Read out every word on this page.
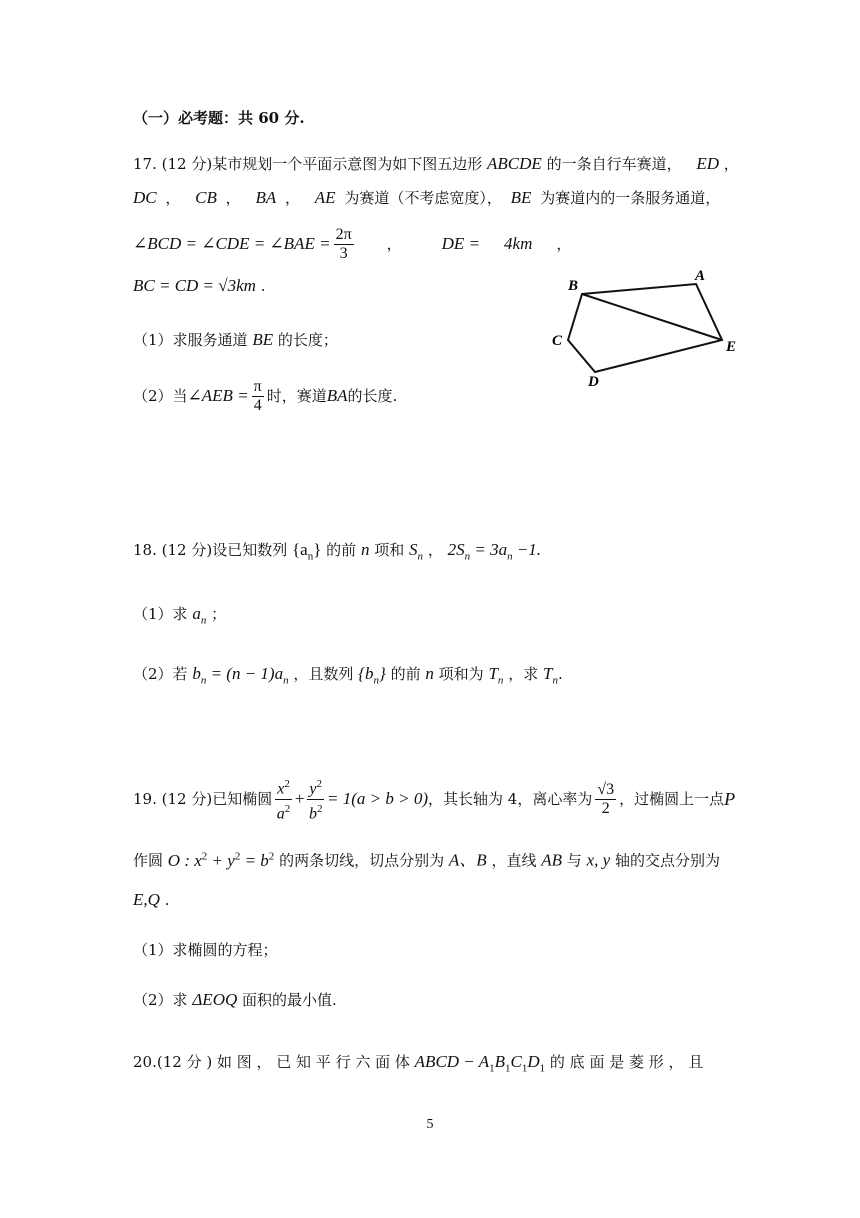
（一）必考题：共 60 分.
17. (12 分)某市规划一个平面示意图为如下图五边形 ABCDE 的一条自行车赛道， ED ，
DC ， CB ， BA ， AE 为赛道（不考虑宽度）， BE 为赛道内的一条服务通道，
∠BCD = ∠CDE = ∠BAE = $\frac{2\pi}{3}$ ， DE = 4km ，
BC = CD = √3km .
（1）求服务通道 BE 的长度；
（2）当 ∠AEB = $\frac{\pi}{4}$ 时，赛道 BA 的长度.
B
A
C	E
D
18. (12 分)设已知数列 $\{a_n\}$ 的前 n 项和 $S_n$ ， $2S_n = 3a_n -1$.
（1）求 $a_n$ ；
（2）若 $b_n = (n - 1)a_n$ ，且数列 $\{b_n\}$ 的前 n 项和为 $T_n$ ，求 $T_n$.
19.
(12 分) 已知椭圆 $\frac{x^2}{a^2} + \frac{y^2}{b^2} = 1(a > b > 0)$ ，其长轴为 4，离心率为 $\frac{√3}{2}$ ，过椭圆上一点 P
作圆 O : $x^2 + y^2 = b^2$ 的两条切线，切点分别为 A、B ，直线 AB 与 x, y 轴的交点分别为
E,Q .
（1）求椭圆的方程；
（2）求 ΔEOQ 面积的最小值.
20.(12 分 ) 如 图 ， 已 知 平 行 六 面 体 ABCD − $A_1B_1C_1D_1$ 的 底 面 是 菱 形 ， 且
5
